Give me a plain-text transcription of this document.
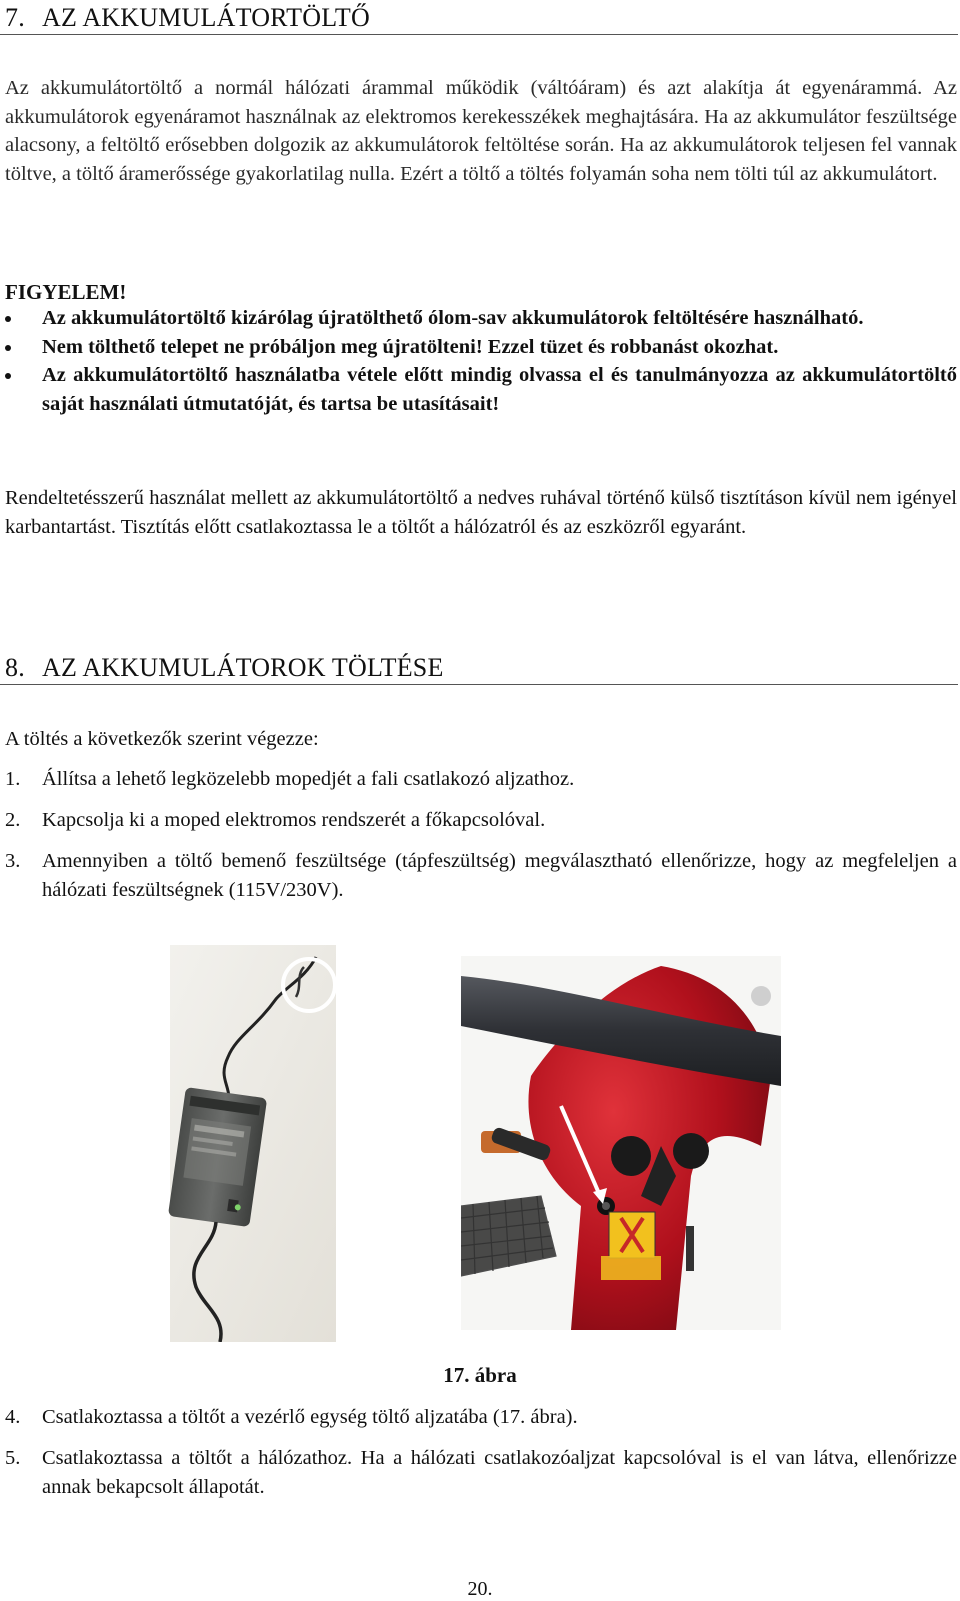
7. AZ AKKUMULÁTORTÖLTŐ

Az akkumulátortöltő a normál hálózati árammal működik (váltóáram) és azt alakítja át egyenárammá. Az akkumulátorok egyenáramot használnak az elektromos kerekesszékek meghajtására. Ha az akkumulátor feszültsége alacsony, a feltöltő erősebben dolgozik az akkumulátorok feltöltése során. Ha az akkumulátorok teljesen fel vannak töltve, a töltő áramerőssége gyakorlatilag nulla. Ezért a töltő a töltés folyamán soha nem tölti túl az akkumulátort.

FIGYELEM!
Az akkumulátortöltő kizárólag újratölthető ólom-sav akkumulátorok feltöltésére használható.
Nem tölthető telepet ne próbáljon meg újratölteni! Ezzel tüzet és robbanást okozhat.
Az akkumulátortöltő használatba vétele előtt mindig olvassa el és tanulmányozza az akkumulátortöltő saját használati útmutatóját, és tartsa be utasításait!

Rendeltetésszerű használat mellett az akkumulátortöltő a nedves ruhával történő külső tisztításon kívül nem igényel karbantartást. Tisztítás előtt csatlakoztassa le a töltőt a hálózatról és az eszközről egyaránt.

8. AZ AKKUMULÁTOROK TÖLTÉSE

A töltés a következők szerint végezze:

1. Állítsa a lehető legközelebb mopedjét a fali csatlakozó aljzathoz.
2. Kapcsolja ki a moped elektromos rendszerét a főkapcsolóval.
3. Amennyiben a töltő bemenő feszültsége (tápfeszültség) megválasztható ellenőrizze, hogy az megfeleljen a hálózati feszültségnek (115V/230V).
17. ábra
4. Csatlakoztassa a töltőt a vezérlő egység töltő aljzatába (17. ábra).
5. Csatlakoztassa a töltőt a hálózathoz. Ha a hálózati csatlakozóaljzat kapcsolóval is el van látva, ellenőrizze annak bekapcsolt állapotát.
20.
